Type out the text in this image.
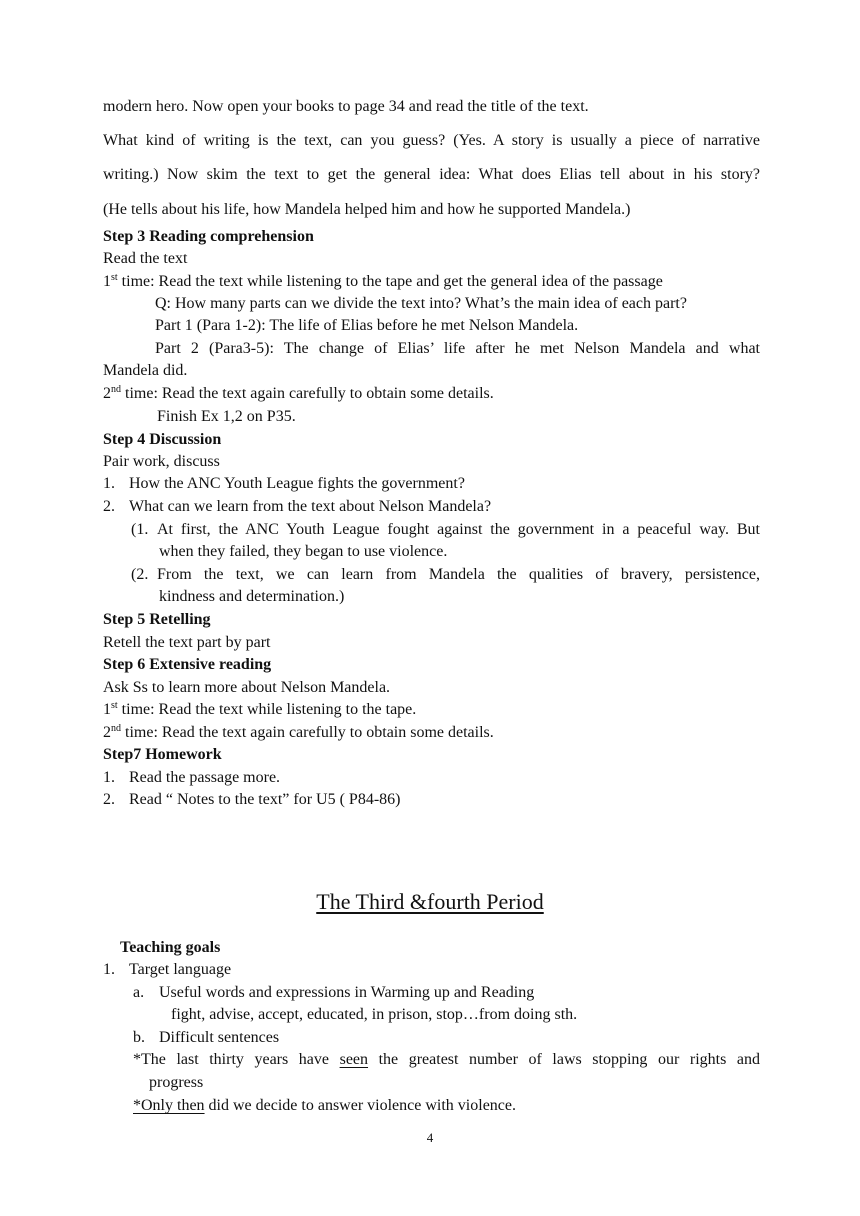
modern hero. Now open your books to page 34 and read the title of the text.
What kind of writing is the text, can you guess? (Yes. A story is usually a piece of narrative
writing.) Now skim the text to get the general idea: What does Elias tell about in his story?
(He tells about his life, how Mandela helped him and how he supported Mandela.)
Step 3 Reading comprehension
Read the text
1st time: Read the text while listening to the tape and get the general idea of the passage
Q: How many parts can we divide the text into? What’s the main idea of each part?
Part 1 (Para 1-2): The life of Elias before he met Nelson Mandela.
Part 2 (Para3-5): The change of Elias’ life after he met Nelson Mandela and what
Mandela did.
2nd time: Read the text again carefully to obtain some details.
Finish Ex 1,2 on P35.
Step 4 Discussion
Pair work, discuss
1. How the ANC Youth League fights the government?
2. What can we learn from the text about Nelson Mandela?
(1. At first, the ANC Youth League fought against the government in a peaceful way. But
when they failed, they began to use violence.
(2. From the text, we can learn from Mandela the qualities of bravery, persistence,
kindness and determination.)
Step 5 Retelling
Retell the text part by part
Step 6 Extensive reading
Ask Ss to learn more about Nelson Mandela.
1st time: Read the text while listening to the tape.
2nd time: Read the text again carefully to obtain some details.
Step7 Homework
1. Read the passage more.
2. Read “ Notes to the text” for U5 ( P84-86)
The Third &fourth Period
Teaching goals
1. Target language
a. Useful words and expressions in Warming up and Reading
fight, advise, accept, educated, in prison, stop…from doing sth.
b. Difficult sentences
*The last thirty years have seen the greatest number of laws stopping our rights and
progress
*Only then did we decide to answer violence with violence.
4
